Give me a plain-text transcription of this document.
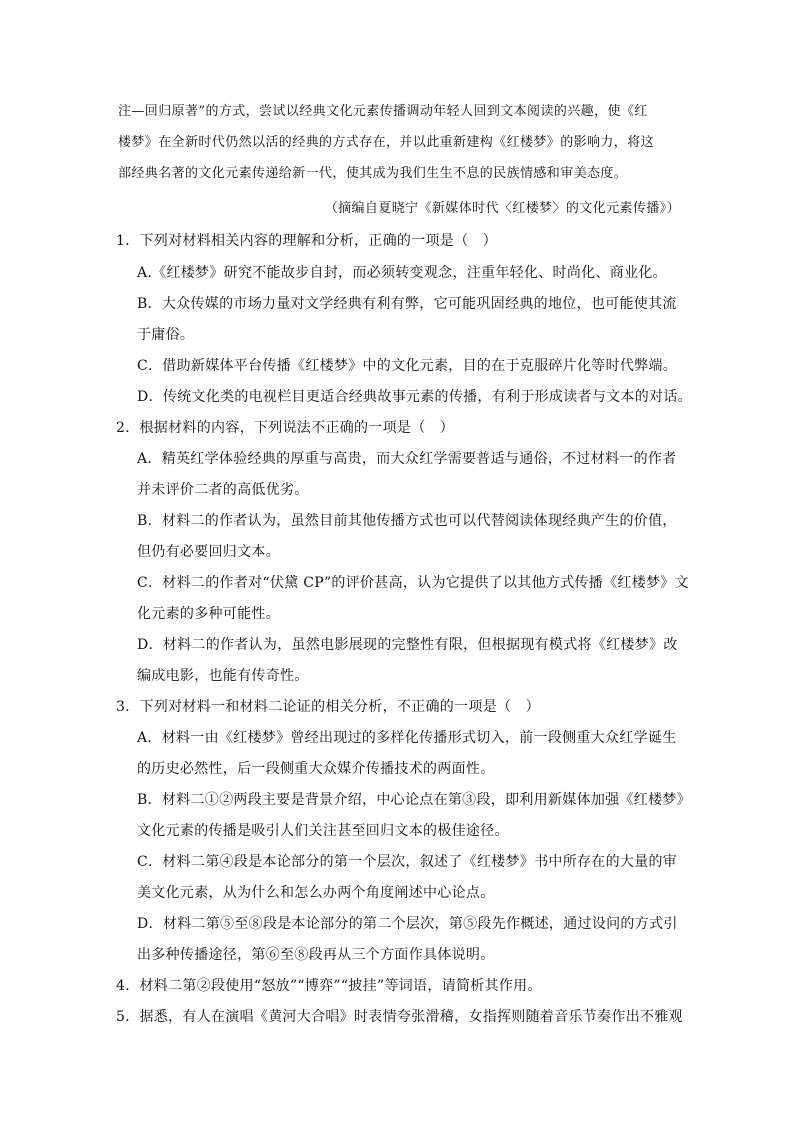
注—回归原著”的方式，尝试以经典文化元素传播调动年轻人回到文本阅读的兴趣，使《红
楼梦》在全新时代仍然以活的经典的方式存在，并以此重新建构《红楼梦》的影响力，将这
部经典名著的文化元素传递给新一代，使其成为我们生生不息的民族情感和审美态度。
（摘编自夏晓宁《新媒体时代〈红楼梦〉的文化元素传播》）
1．下列对材料相关内容的理解和分析，正确的一项是（　）
A.《红楼梦》研究不能故步自封，而必须转变观念，注重年轻化、时尚化、商业化。
B．大众传媒的市场力量对文学经典有利有弊，它可能巩固经典的地位，也可能使其流
于庸俗。
C．借助新媒体平台传播《红楼梦》中的文化元素，目的在于克服碎片化等时代弊端。
D．传统文化类的电视栏目更适合经典故事元素的传播，有利于形成读者与文本的对话。
2．根据材料的内容，下列说法不正确的一项是（　）
A．精英红学体验经典的厚重与高贵，而大众红学需要普适与通俗，不过材料一的作者
并未评价二者的高低优劣。
B．材料二的作者认为，虽然目前其他传播方式也可以代替阅读体现经典产生的价值，
但仍有必要回归文本。
C．材料二的作者对“伏黛 CP”的评价甚高，认为它提供了以其他方式传播《红楼梦》文
化元素的多种可能性。
D．材料二的作者认为，虽然电影展现的完整性有限，但根据现有模式将《红楼梦》改
编成电影，也能有传奇性。
3．下列对材料一和材料二论证的相关分析，不正确的一项是（　）
A．材料一由《红楼梦》曾经出现过的多样化传播形式切入，前一段侧重大众红学诞生
的历史必然性，后一段侧重大众媒介传播技术的两面性。
B．材料二①②两段主要是背景介绍，中心论点在第③段，即利用新媒体加强《红楼梦》
文化元素的传播是吸引人们关注甚至回归文本的极佳途径。
C．材料二第④段是本论部分的第一个层次，叙述了《红楼梦》书中所存在的大量的审
美文化元素，从为什么和怎么办两个角度阐述中心论点。
D．材料二第⑤至⑧段是本论部分的第二个层次，第⑤段先作概述，通过设问的方式引
出多种传播途径，第⑥至⑧段再从三个方面作具体说明。
4．材料二第②段使用“怒放”“博弈”“披挂”等词语，请简析其作用。
5．据悉，有人在演唱《黄河大合唱》时表情夸张滑稽，女指挥则随着音乐节奏作出不雅观
